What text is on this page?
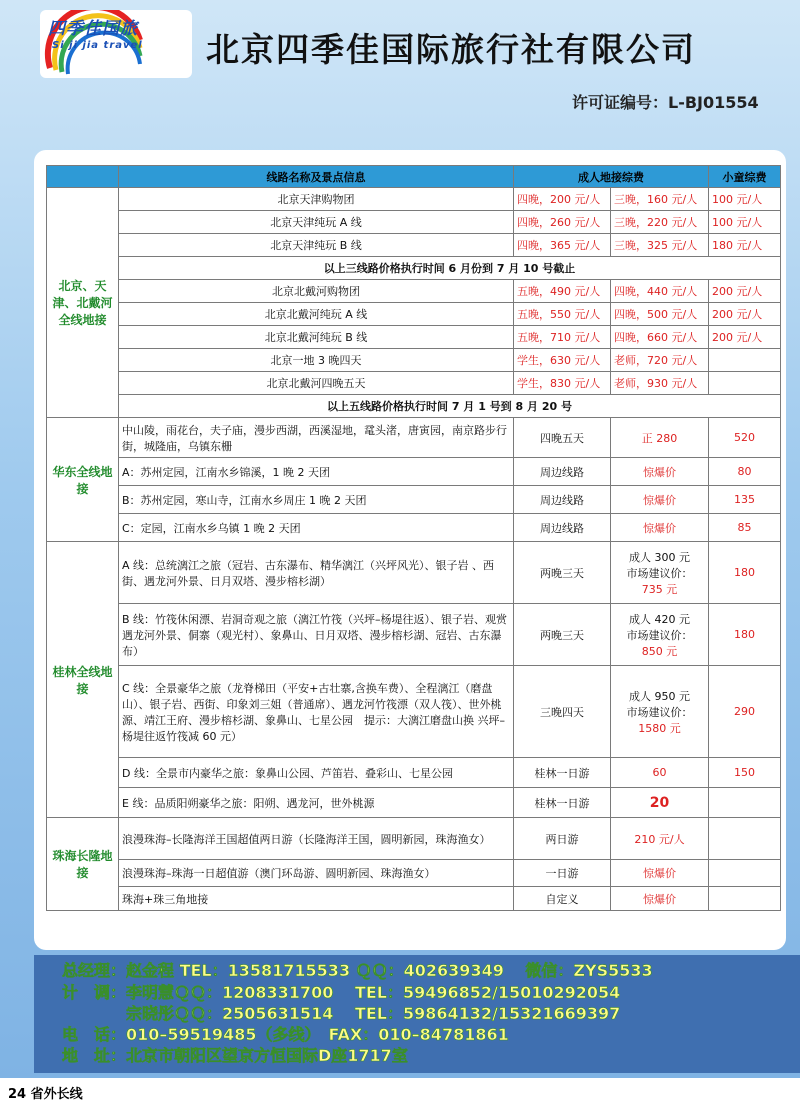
四季佳国旅
Si ji jia travel 北京四季佳国际旅行社有限公司
许可证编号：L-BJ01554
	线路名称及景点信息	成人地接综费		小童综费
北京、天津、北戴河全线地接	北京天津购物团	四晚，200 元/人	三晚，160 元/人	100 元/人
	北京天津纯玩 A 线	四晚，260 元/人	三晚，220 元/人	100 元/人
	北京天津纯玩 B 线	四晚，365 元/人	三晚，325 元/人	180 元/人
	以上三线路价格执行时间 6 月份到 7 月 10 号截止			
	北京北戴河购物团	五晚，490 元/人	四晚，440 元/人	200 元/人
	北京北戴河纯玩 A 线	五晚，550 元/人	四晚，500 元/人	200 元/人
	北京北戴河纯玩 B 线	五晚，710 元/人	四晚，660 元/人	200 元/人
	北京一地 3 晚四天	学生，630 元/人	老师，720 元/人	
	北京北戴河四晚五天	学生，830 元/人	老师，930 元/人	
	以上五线路价格执行时间 7 月 1 号到 8 月 20 号			
华东全线地接	中山陵，雨花台，夫子庙，漫步西湖，西溪湿地，鼋头渚，唐寅园，南京路步行街，城隆庙，乌镇东栅	四晚五天	正 280	520
	A：苏州定园，江南水乡锦溪，1 晚 2 天团	周边线路	惊爆价	80
	B：苏州定园，寒山寺，江南水乡周庄 1 晚 2 天团	周边线路	惊爆价	135
	C：定园，江南水乡乌镇 1 晚 2 天团	周边线路	惊爆价	85
桂林全线地接	A 线：总统漓江之旅（冠岩、古东瀑布、精华漓江（兴坪风光）、银子岩 、西街、遇龙河外景、日月双塔、漫步榕杉湖）	两晚三天	成人 300 元
市场建议价：
735 元	180
	B 线：竹筏休闲漂、岩洞奇观之旅（漓江竹筏（兴坪–杨堤往返）、银子岩、观赏遇龙河外景、侗寨（观光村）、象鼻山、日月双塔、漫步榕杉湖、冠岩、古东瀑布）	两晚三天	成人 420 元
市场建议价：
850 元	180
	C 线：全景豪华之旅（龙脊梯田（平安+古壮寨,含换车费）、全程漓江（磨盘山）、银子岩、西街、印象刘三姐（普通席）、遇龙河竹筏漂（双人筏）、世外桃源、靖江王府、漫步榕杉湖、象鼻山、七星公园　提示：大漓江磨盘山换 兴坪–杨堤往返竹筏减 60 元）	三晚四天	成人 950 元
市场建议价：
1580 元	290
	D 线：全景市内豪华之旅：象鼻山公园、芦笛岩、叠彩山、七星公园	桂林一日游	60	150
	E 线：品质阳朔豪华之旅：阳朔、遇龙河，世外桃源	桂林一日游	20	
珠海长隆地接	浪漫珠海–长隆海洋王国超值两日游（长隆海洋王国，圆明新园，珠海渔女）	两日游	210 元/人	
	浪漫珠海–珠海一日超值游（澳门环岛游、圆明新园、珠海渔女）	一日游	惊爆价	
	珠海+珠三角地接	自定义	惊爆价	
总经理：赵金程 TEL：13581715533 ＱＱ：402639349　 微信：ZYS5533
计　调：李明慧ＱＱ：1208331700　 TEL：59496852/15010292054
　　　　宗晓彤ＱＱ：2505631514　 TEL：59864132/15321669397
电　话：010–59519485（多线）　FAX：010–84781861
地　址：北京市朝阳区望京方恒国际D座1717室
24 省外长线
